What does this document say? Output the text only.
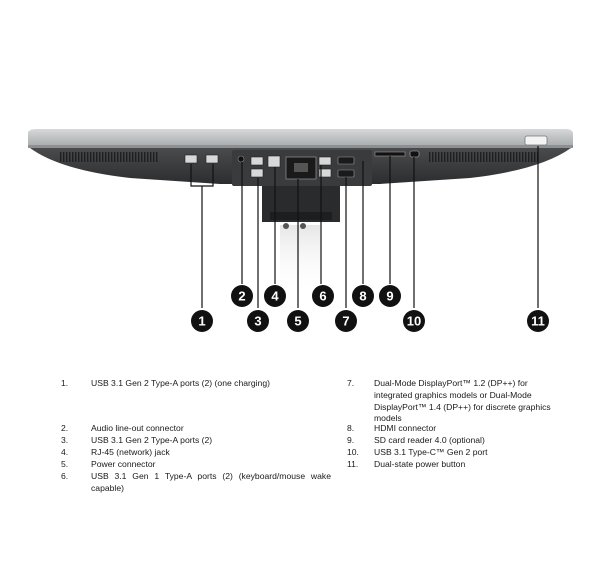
1
2
3
4
5
6
7
8 9
10	11
1.	USB 3.1 Gen 2 Type-A ports (2) (one charging)
2.	Audio line-out connector
3.	USB 3.1 Gen 2 Type-A ports (2)
4.	RJ-45 (network) jack
5.	Power connector
6.	USB 3.1 Gen 1 Type-A ports (2) (keyboard/mouse wake capable)
7. Dual-Mode DisplayPort™ 1.2 (DP++) for integrated graphics models or Dual-Mode DisplayPort™ 1.4 (DP++) for discrete graphics models
8. HDMI connector
9. SD card reader 4.0 (optional)
10. USB 3.1 Type-C™ Gen 2 port
11. Dual-state power button
